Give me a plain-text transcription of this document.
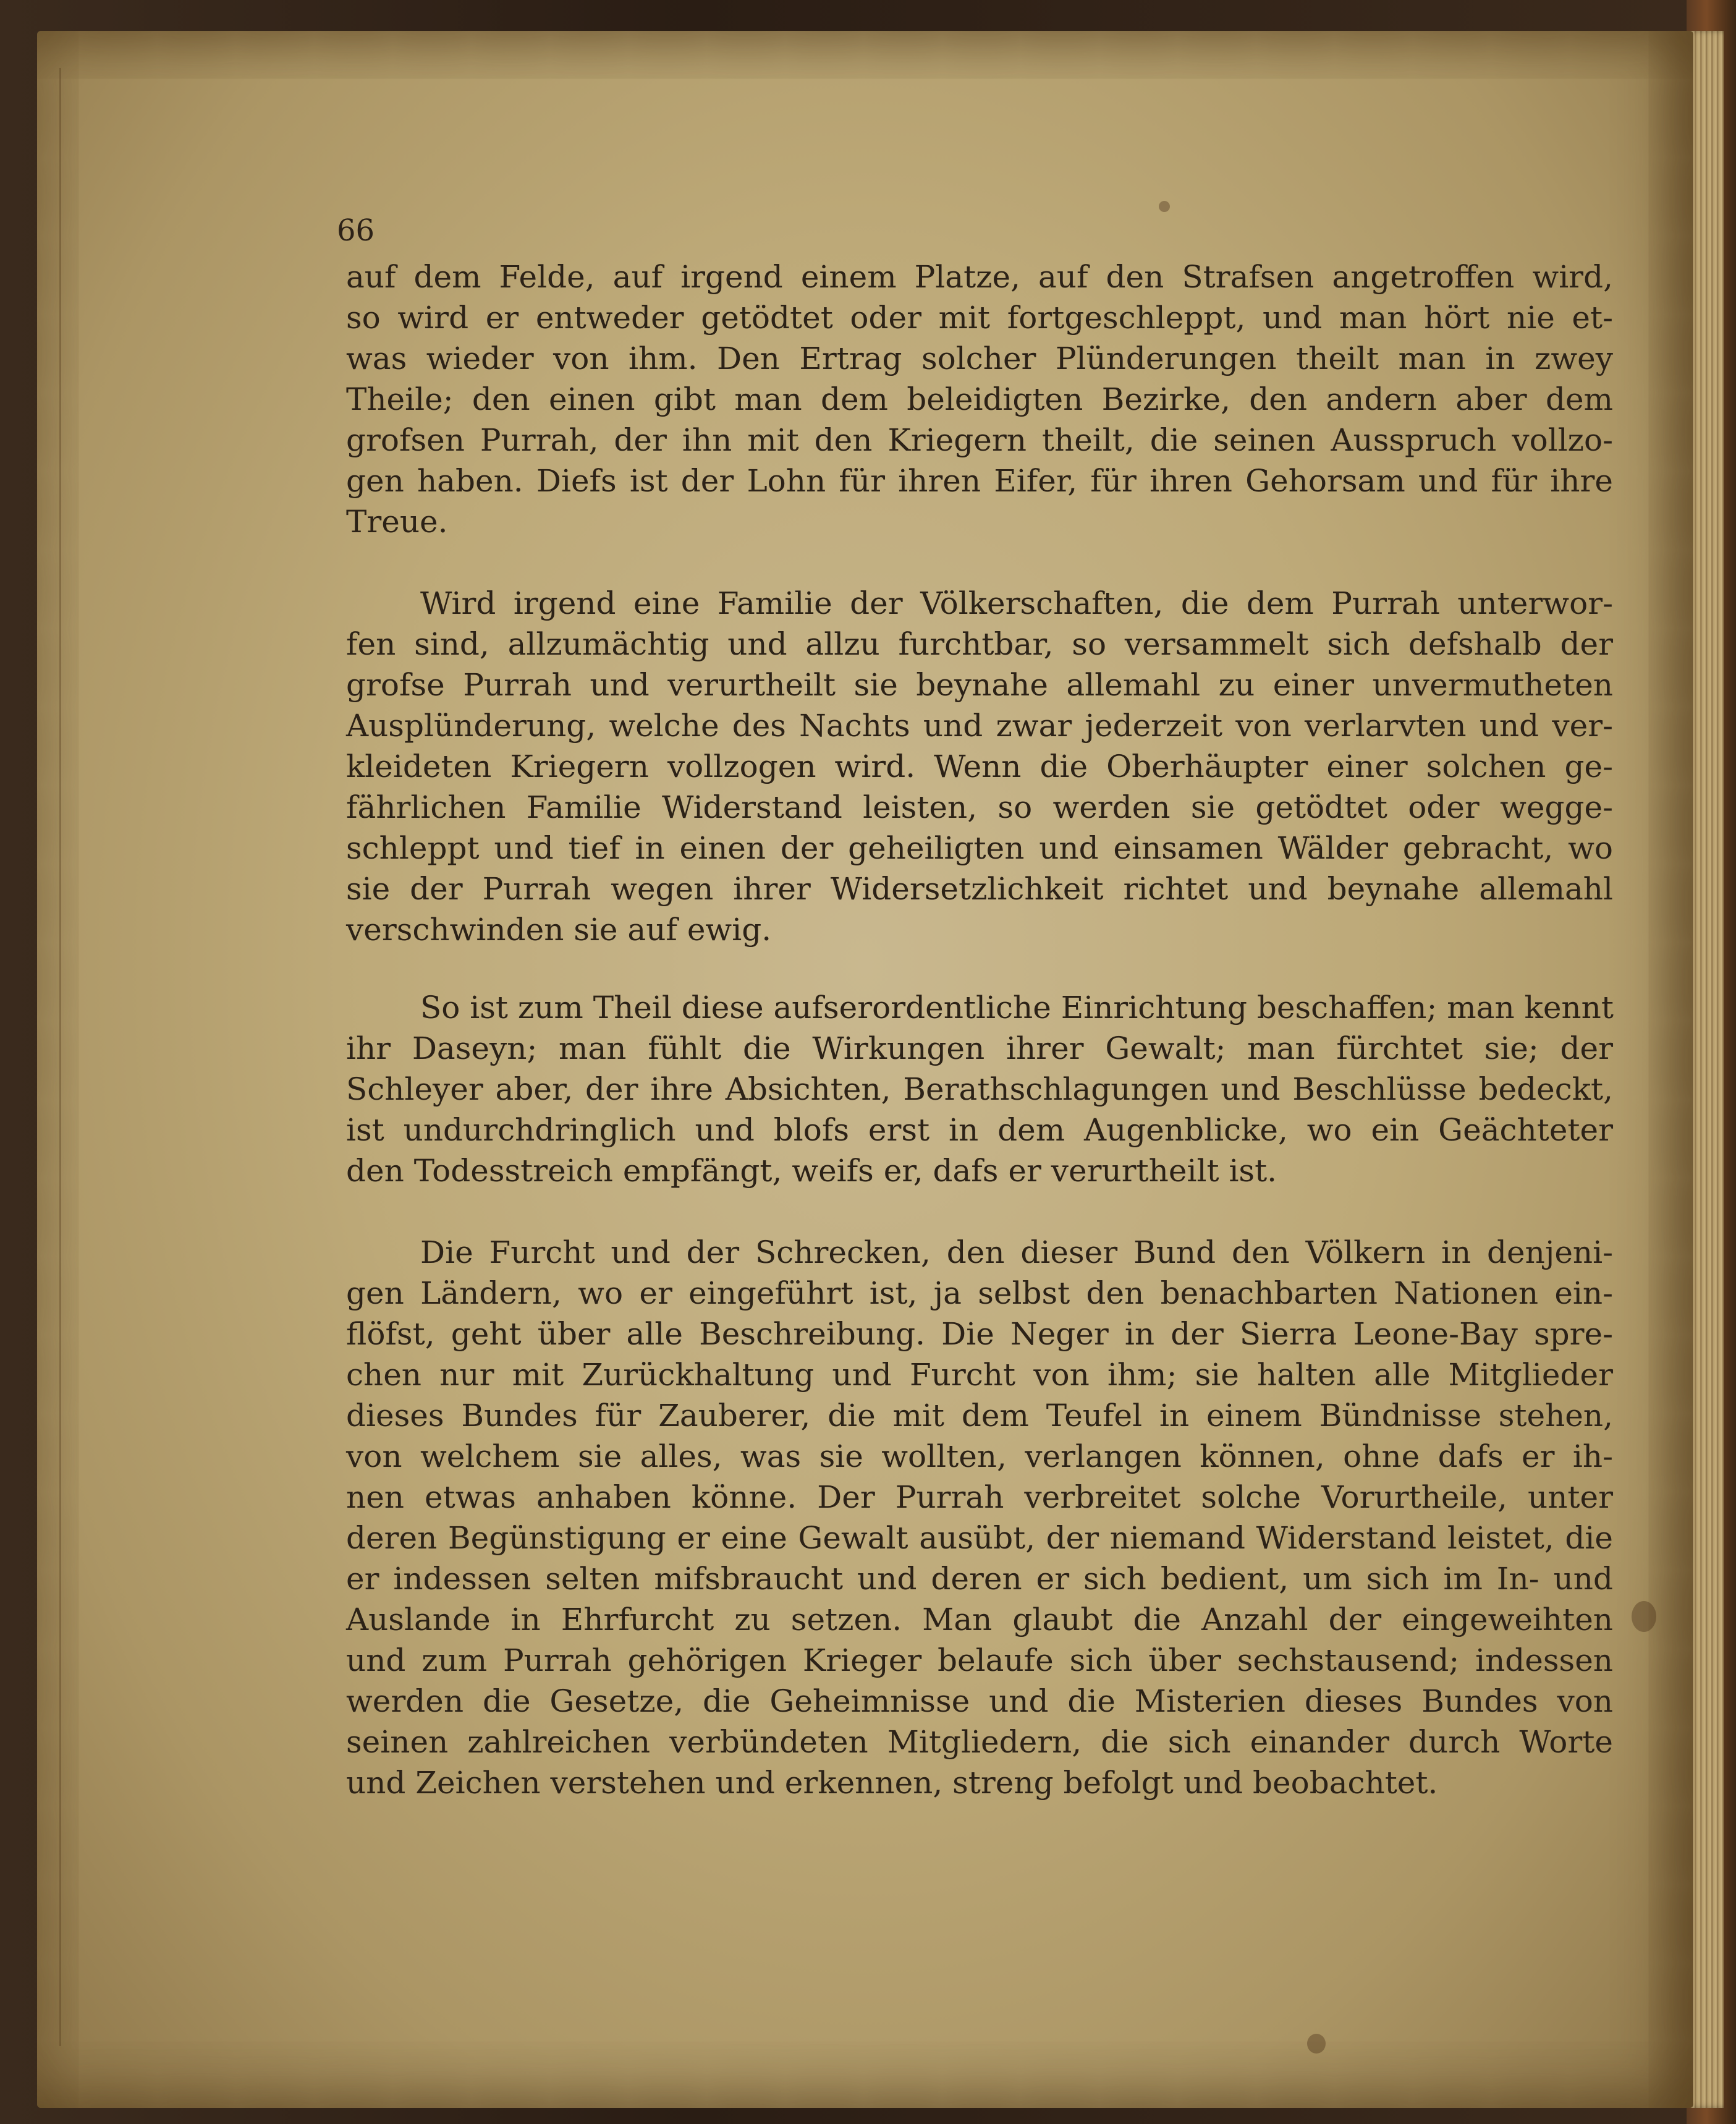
66
auf dem Felde, auf irgend einem Platze, auf den Strafsen angetroffen wird,
so wird er entweder getödtet oder mit fortgeschleppt, und man hört nie et-
was wieder von ihm. Den Ertrag solcher Plünderungen theilt man in zwey
Theile; den einen gibt man dem beleidigten Bezirke, den andern aber dem
grofsen Purrah, der ihn mit den Kriegern theilt, die seinen Ausspruch vollzo-
gen haben. Diefs ist der Lohn für ihren Eifer, für ihren Gehorsam und für ihre
Treue.
Wird irgend eine Familie der Völkerschaften, die dem Purrah unterwor-
fen sind, allzumächtig und allzu furchtbar, so versammelt sich defshalb der
grofse Purrah und verurtheilt sie beynahe allemahl zu einer unvermutheten
Ausplünderung, welche des Nachts und zwar jederzeit von verlarvten und ver-
kleideten Kriegern vollzogen wird. Wenn die Oberhäupter einer solchen ge-
fährlichen Familie Widerstand leisten, so werden sie getödtet oder wegge-
schleppt und tief in einen der geheiligten und einsamen Wälder gebracht, wo
sie der Purrah wegen ihrer Widersetzlichkeit richtet und beynahe allemahl
verschwinden sie auf ewig.
So ist zum Theil diese aufserordentliche Einrichtung beschaffen; man kennt
ihr Daseyn; man fühlt die Wirkungen ihrer Gewalt; man fürchtet sie; der
Schleyer aber, der ihre Absichten, Berathschlagungen und Beschlüsse bedeckt,
ist undurchdringlich und blofs erst in dem Augenblicke, wo ein Geächteter
den Todesstreich empfängt, weifs er, dafs er verurtheilt ist.
Die Furcht und der Schrecken, den dieser Bund den Völkern in denjeni-
gen Ländern, wo er eingeführt ist, ja selbst den benachbarten Nationen ein-
flöfst, geht über alle Beschreibung. Die Neger in der Sierra Leone-Bay spre-
chen nur mit Zurückhaltung und Furcht von ihm; sie halten alle Mitglieder
dieses Bundes für Zauberer, die mit dem Teufel in einem Bündnisse stehen,
von welchem sie alles, was sie wollten, verlangen können, ohne dafs er ih-
nen etwas anhaben könne. Der Purrah verbreitet solche Vorurtheile, unter
deren Begünstigung er eine Gewalt ausübt, der niemand Widerstand leistet, die
er indessen selten mifsbraucht und deren er sich bedient, um sich im In- und
Auslande in Ehrfurcht zu setzen. Man glaubt die Anzahl der eingeweihten
und zum Purrah gehörigen Krieger belaufe sich über sechstausend; indessen
werden die Gesetze, die Geheimnisse und die Misterien dieses Bundes von
seinen zahlreichen verbündeten Mitgliedern, die sich einander durch Worte
und Zeichen verstehen und erkennen, streng befolgt und beobachtet.
